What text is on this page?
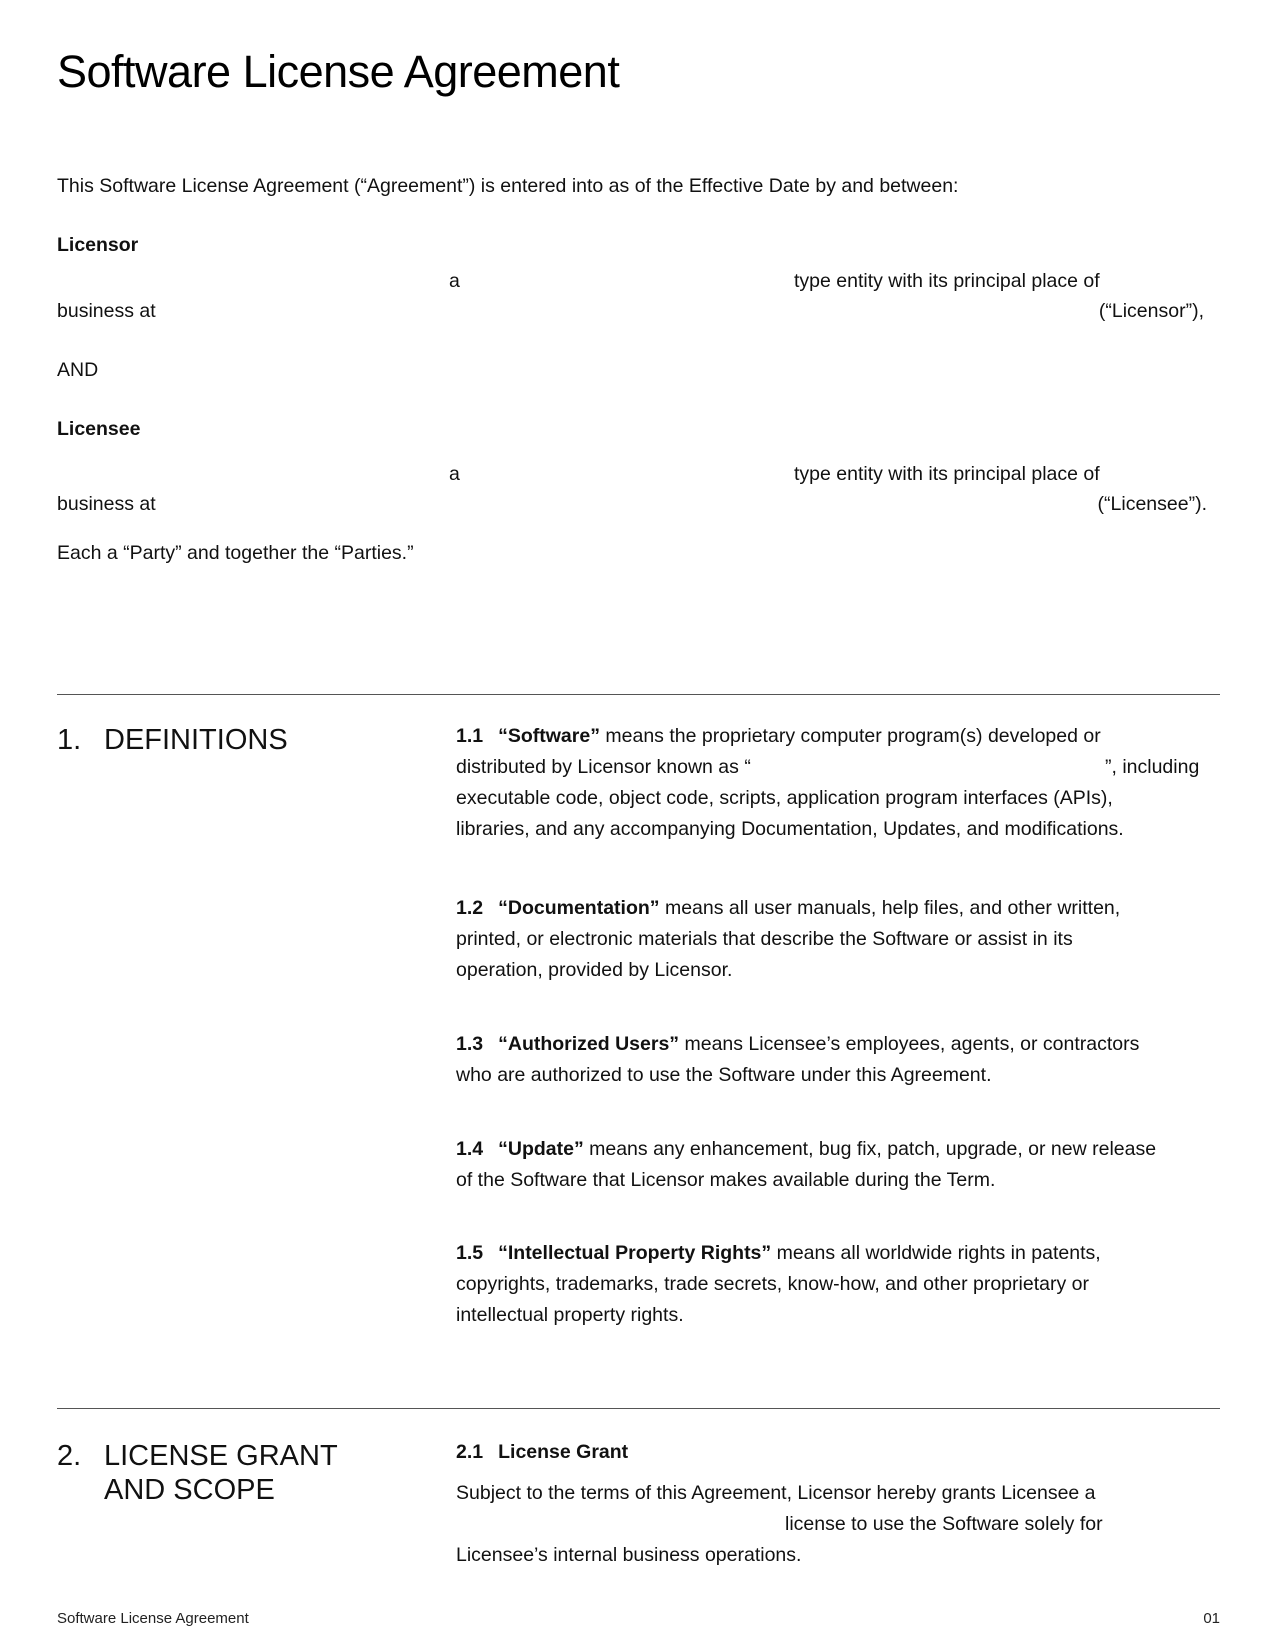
Software License Agreement
This Software License Agreement (“Agreement”) is entered into as of the Effective Date by and between:
Licensor
a	type entity with its principal place of
business at	(“Licensor”),
AND
Licensee
a	type entity with its principal place of
business at	(“Licensee”).
Each a “Party” and together the “Parties.”
1. DEFINITIONS	1.1 “Software” means the proprietary computer program(s) developed or
distributed by Licensor known as “	”, including
executable code, object code, scripts, application program interfaces (APIs),
libraries, and any accompanying Documentation, Updates, and modifications.
1.2 “Documentation” means all user manuals, help files, and other written,
printed, or electronic materials that describe the Software or assist in its
operation, provided by Licensor.
1.3 “Authorized Users” means Licensee’s employees, agents, or contractors
who are authorized to use the Software under this Agreement.
1.4 “Update” means any enhancement, bug fix, patch, upgrade, or new release
of the Software that Licensor makes available during the Term.
1.5 “Intellectual Property Rights” means all worldwide rights in patents,
copyrights, trademarks, trade secrets, know-how, and other proprietary or
intellectual property rights.
2. LICENSE GRANT
AND SCOPE
2.1 License Grant
Subject to the terms of this Agreement, Licensor hereby grants Licensee a
license to use the Software solely for
Licensee’s internal business operations.
Software License Agreement	01
